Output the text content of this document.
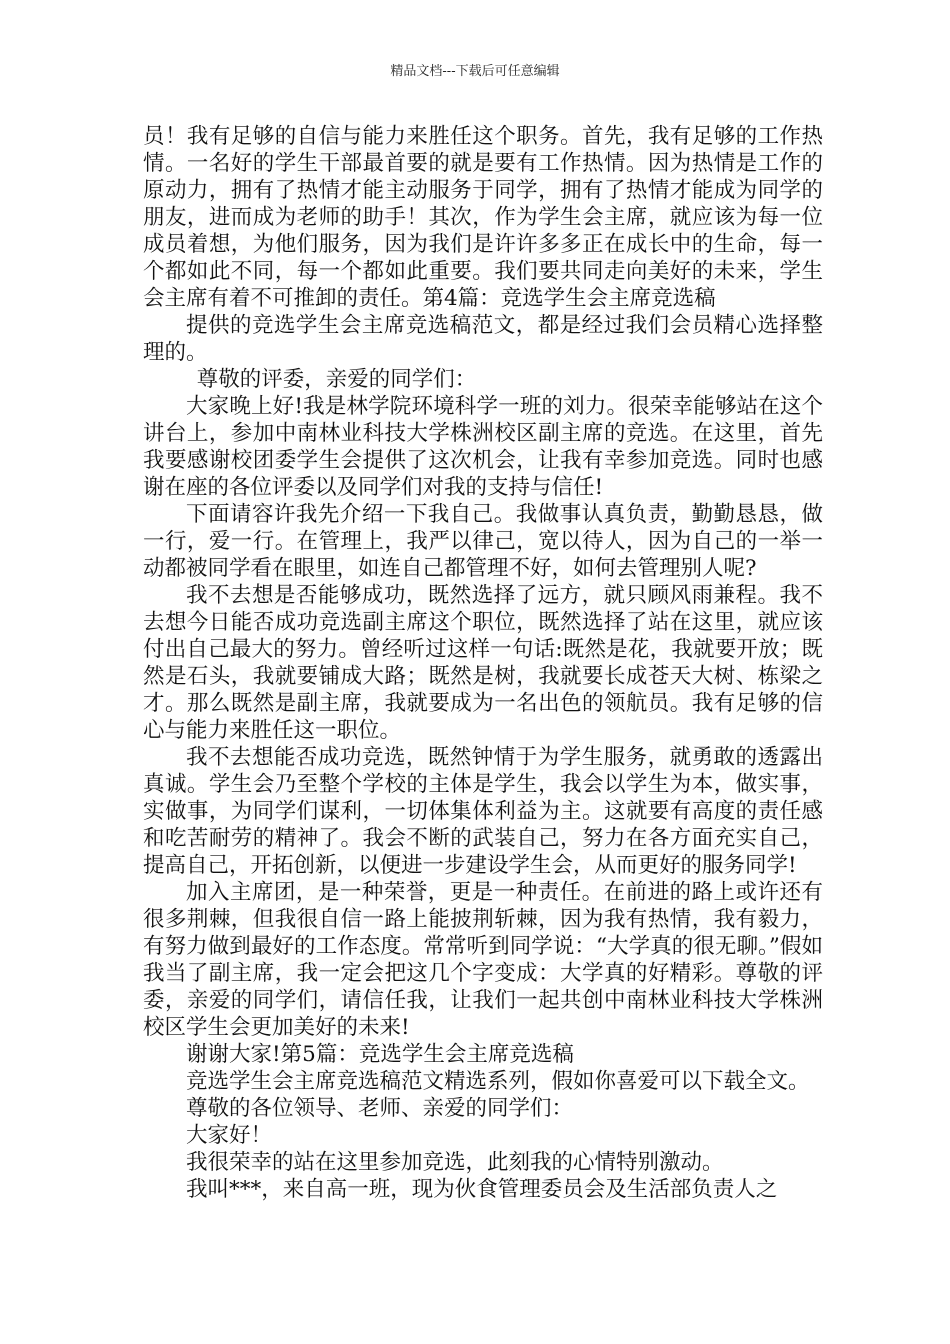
精品文档---下载后可任意编辑

员！我有足够的自信与能力来胜任这个职务。首先，我有足够的工作热情。一名好的学生干部最首要的就是要有工作热情。因为热情是工作的原动力，拥有了热情才能主动服务于同学，拥有了热情才能成为同学的朋友，进而成为老师的助手！其次，作为学生会主席，就应该为每一位成员着想，为他们服务，因为我们是许许多多正在成长中的生命，每一个都如此不同，每一个都如此重要。我们要共同走向美好的未来，学生会主席有着不可推卸的责任。第4篇：竞选学生会主席竞选稿

提供的竞选学生会主席竞选稿范文，都是经过我们会员精心选择整理的。

尊敬的评委，亲爱的同学们：

大家晚上好!我是林学院环境科学一班的刘力。很荣幸能够站在这个讲台上，参加中南林业科技大学株洲校区副主席的竞选。在这里，首先我要感谢校团委学生会提供了这次机会，让我有幸参加竞选。同时也感谢在座的各位评委以及同学们对我的支持与信任!

下面请容许我先介绍一下我自己。我做事认真负责，勤勤恳恳，做一行，爱一行。在管理上，我严以律己，宽以待人，因为自己的一举一动都被同学看在眼里，如连自己都管理不好，如何去管理别人呢?

我不去想是否能够成功，既然选择了远方，就只顾风雨兼程。我不去想今日能否成功竞选副主席这个职位，既然选择了站在这里，就应该付出自己最大的努力。曾经听过这样一句话:既然是花，我就要开放；既然是石头，我就要铺成大路；既然是树，我就要长成苍天大树、栋梁之才。那么既然是副主席，我就要成为一名出色的领航员。我有足够的信心与能力来胜任这一职位。

我不去想能否成功竞选，既然钟情于为学生服务，就勇敢的透露出真诚。学生会乃至整个学校的主体是学生，我会以学生为本，做实事，实做事，为同学们谋利，一切体集体利益为主。这就要有高度的责任感和吃苦耐劳的精神了。我会不断的武装自己，努力在各方面充实自己，提高自己，开拓创新，以便进一步建设学生会，从而更好的服务同学!

加入主席团，是一种荣誉，更是一种责任。在前进的路上或许还有很多荆棘，但我很自信一路上能披荆斩棘，因为我有热情，我有毅力，有努力做到最好的工作态度。常常听到同学说：“大学真的很无聊。”假如我当了副主席，我一定会把这几个字变成：大学真的好精彩。尊敬的评委，亲爱的同学们，请信任我，让我们一起共创中南林业科技大学株洲校区学生会更加美好的未来!

谢谢大家!第5篇：竞选学生会主席竞选稿

竞选学生会主席竞选稿范文精选系列，假如你喜爱可以下载全文。

尊敬的各位领导、老师、亲爱的同学们：

大家好！

我很荣幸的站在这里参加竞选，此刻我的心情特别激动。

我叫***，来自高一班，现为伙食管理委员会及生活部负责人之
